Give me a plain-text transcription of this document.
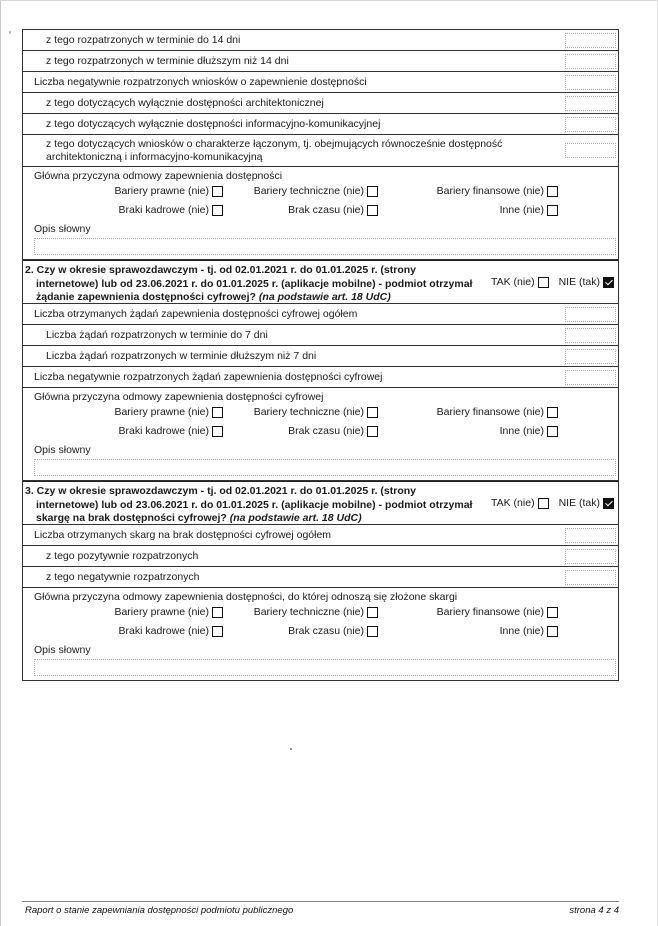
z tego rozpatrzonych w terminie do 14 dni
z tego rozpatrzonych w terminie dłuższym niż 14 dni
Liczba negatywnie rozpatrzonych wniosków o zapewnienie dostępności
z tego dotyczących wyłącznie dostępności architektonicznej
z tego dotyczących wyłącznie dostępności informacyjno-komunikacyjnej
z tego dotyczących wniosków o charakterze łączonym, tj. obejmujących równocześnie dostępność
architektoniczną i informacyjno-komunikacyjną
Główna przyczyna odmowy zapewnienia dostępności
Bariery prawne (nie)	Bariery techniczne (nie)	Bariery finansowe (nie)
Braki kadrowe (nie)	Brak czasu (nie)	Inne (nie)
Opis słowny
2. Czy w okresie sprawozdawczym - tj. od 02.01.2021 r. do 01.01.2025 r. (strony
internetowe) lub od 23.06.2021 r. do 01.01.2025 r. (aplikacje mobilne) - podmiot otrzymał
żądanie zapewnienia dostępności cyfrowej? (na podstawie art. 18 UdC)
TAK (nie) NIE (tak)
Liczba otrzymanych żądań zapewnienia dostępności cyfrowej ogółem
Liczba żądań rozpatrzonych w terminie do 7 dni
Liczba żądań rozpatrzonych w terminie dłuższym niż 7 dni
Liczba negatywnie rozpatrzonych żądań zapewnienia dostępności cyfrowej
Główna przyczyna odmowy zapewnienia dostępności cyfrowej
Bariery prawne (nie)	Bariery techniczne (nie)	Bariery finansowe (nie)
Braki kadrowe (nie)	Brak czasu (nie)	Inne (nie)
Opis słowny
3. Czy w okresie sprawozdawczym - tj. od 02.01.2021 r. do 01.01.2025 r. (strony
internetowe) lub od 23.06.2021 r. do 01.01.2025 r. (aplikacje mobilne) - podmiot otrzymał
skargę na brak dostępności cyfrowej? (na podstawie art. 18 UdC)
TAK (nie) NIE (tak)
Liczba otrzymanych skarg na brak dostępności cyfrowej ogółem
z tego pozytywnie rozpatrzonych
z tego negatywnie rozpatrzonych
Główna przyczyna odmowy zapewnienia dostępności, do której odnoszą się złożone skargi
Bariery prawne (nie)	Bariery techniczne (nie)	Bariery finansowe (nie)
Braki kadrowe (nie)	Brak czasu (nie)	Inne (nie)
Opis słowny
Raport o stanie zapewniania dostępności podmiotu publicznego	strona 4 z 4
